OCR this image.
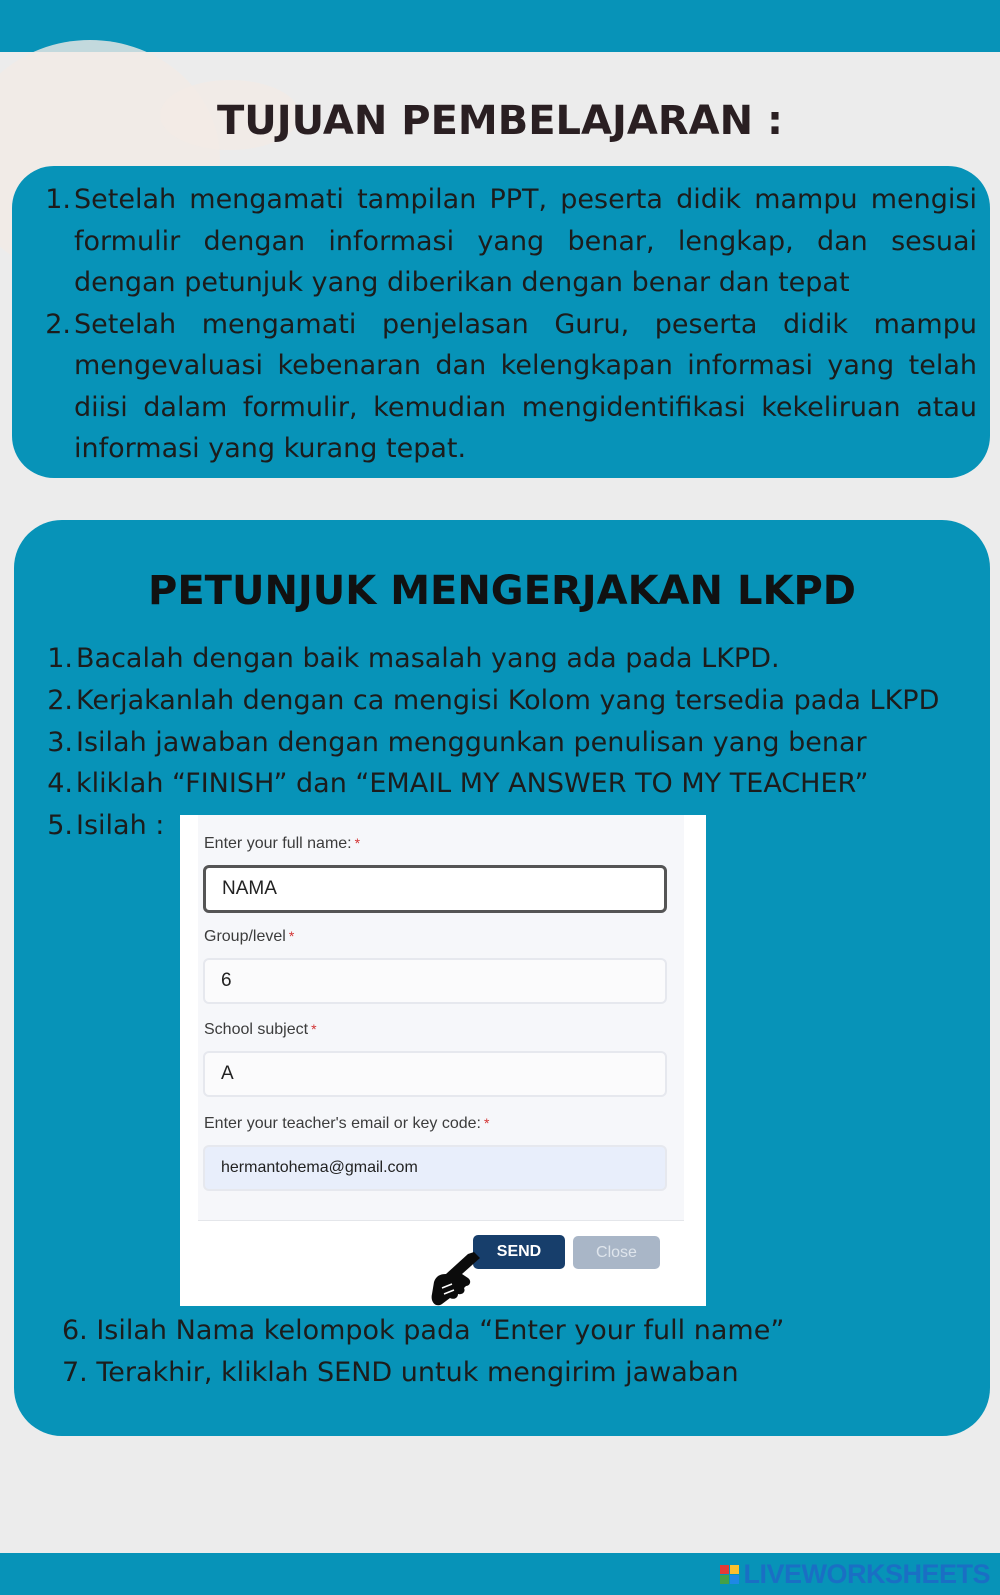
TUJUAN PEMBELAJARAN :
1. Setelah mengamati tampilan PPT, peserta didik mampu mengisi formulir dengan informasi yang benar, lengkap, dan sesuai dengan petunjuk yang diberikan dengan benar dan tepat
2. Setelah mengamati penjelasan Guru, peserta didik mampu mengevaluasi kebenaran dan kelengkapan informasi yang telah diisi dalam formulir, kemudian mengidentifikasi kekeliruan atau informasi yang kurang tepat.
PETUNJUK MENGERJAKAN LKPD
1. Bacalah dengan baik masalah yang ada pada LKPD.
2. Kerjakanlah dengan ca mengisi Kolom yang tersedia pada LKPD
3. Isilah jawaban dengan menggunkan penulisan yang benar
4. kliklah “FINISH” dan “EMAIL MY ANSWER TO MY TEACHER”
5. Isilah :
Enter your full name: *
NAMA
Group/level *
6
School subject *
A
Enter your teacher's email or key code: *
hermantohema@gmail.com
SEND	Close
6. Isilah Nama kelompok pada “Enter your full name”
7. Terakhir, kliklah SEND untuk mengirim jawaban
LIVEWORKSHEETS
